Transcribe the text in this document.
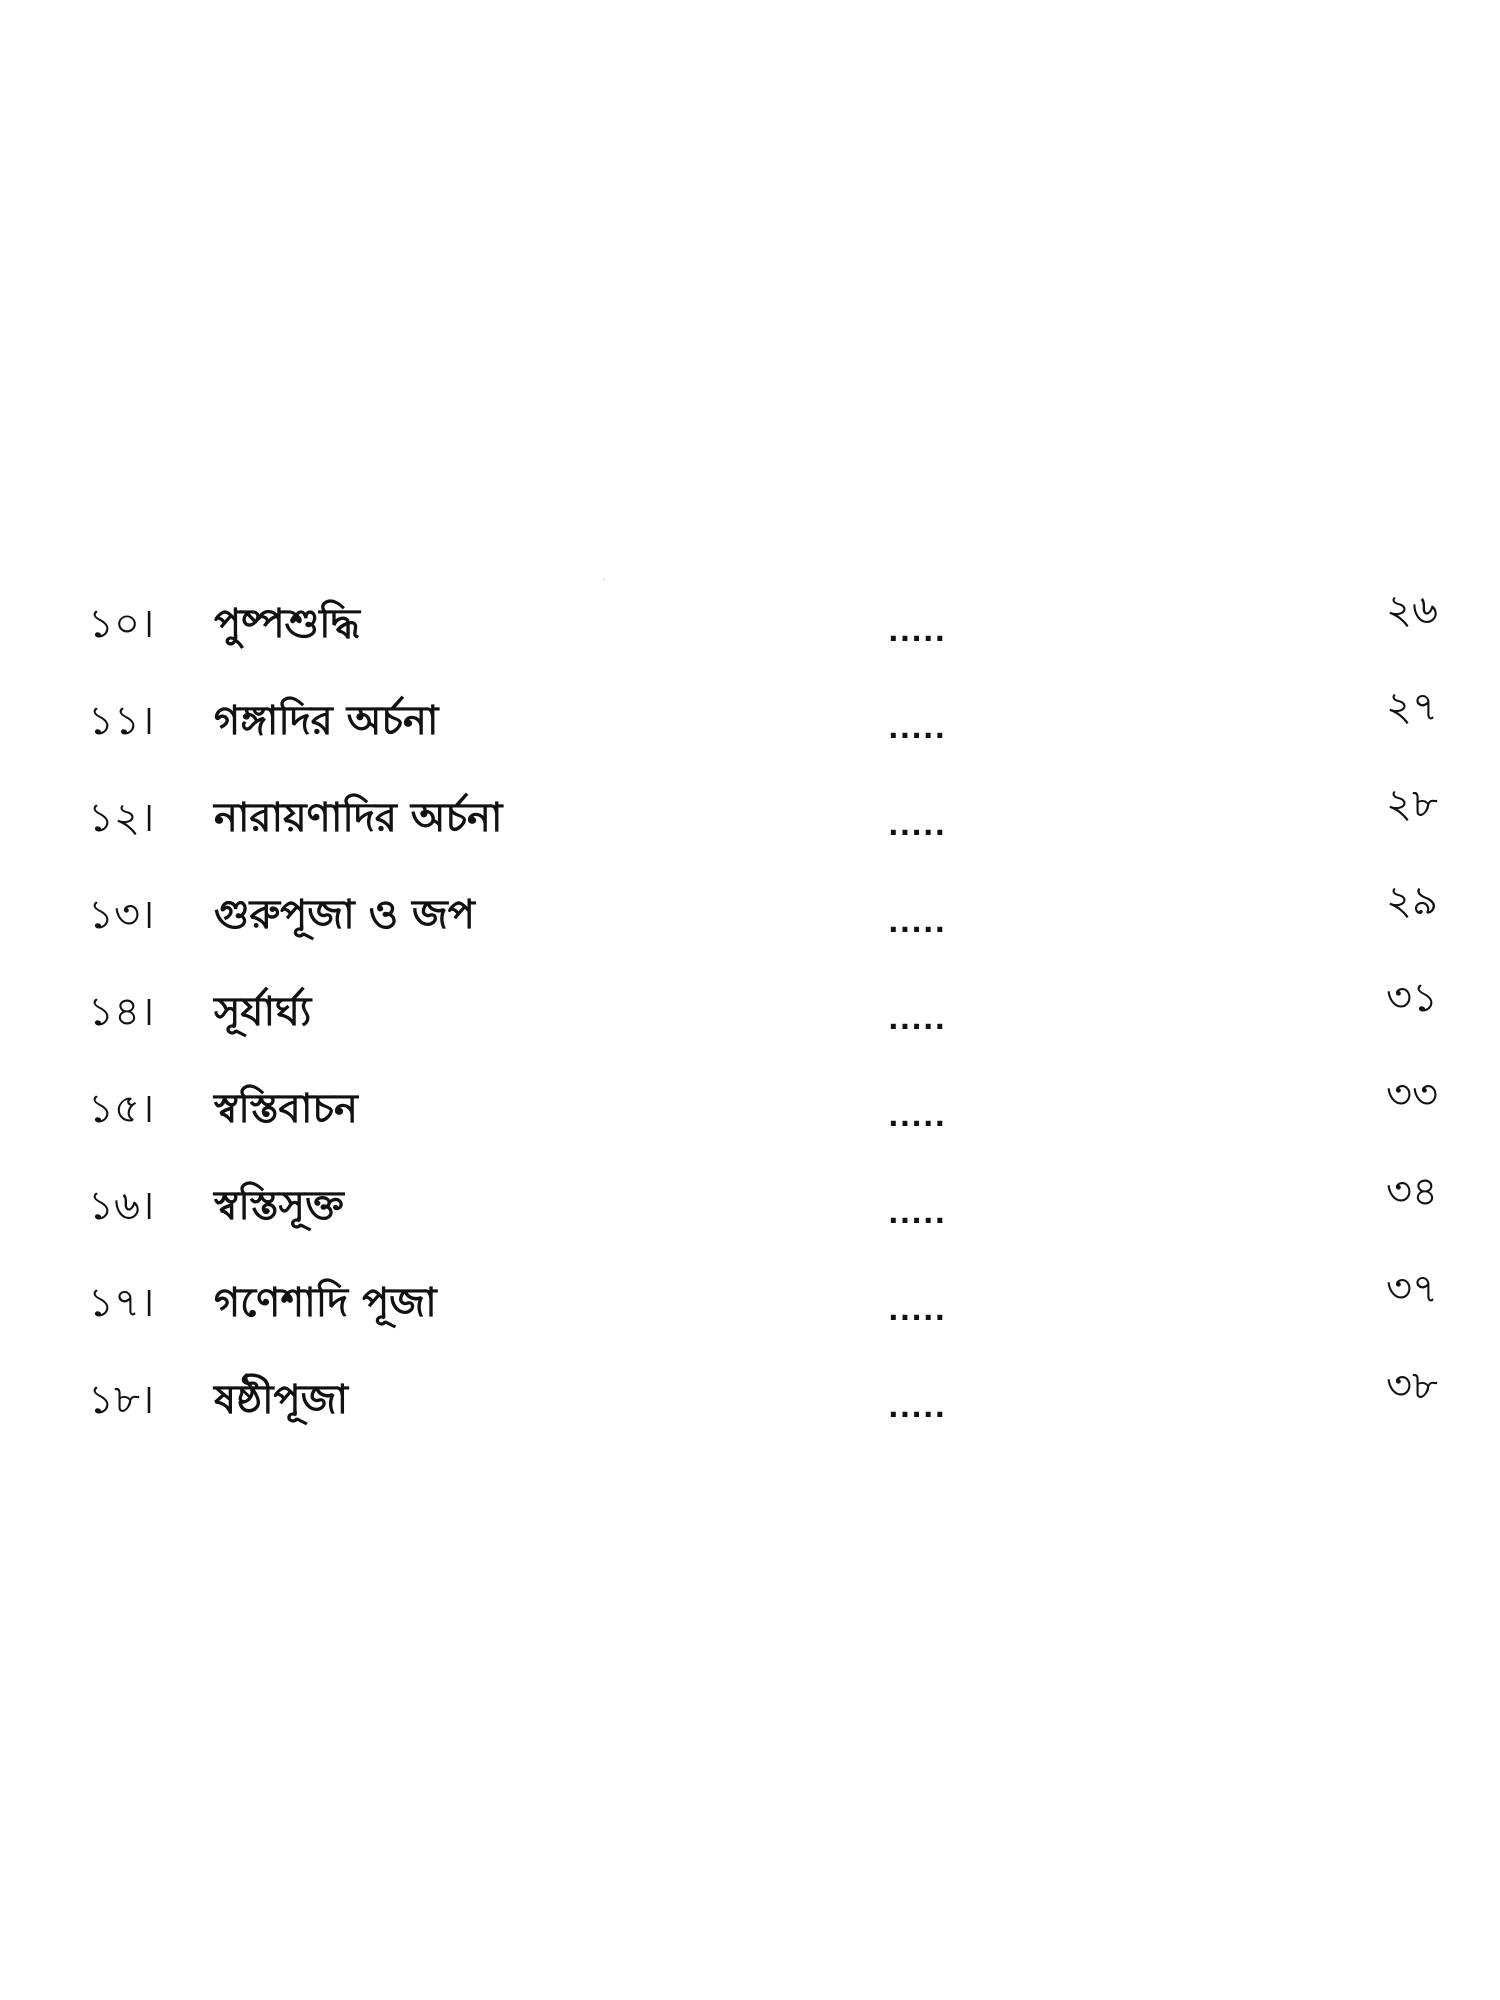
১০। পুষ্পশুদ্ধি	.....	২৬
১১। গঙ্গাদির অর্চনা	.....	২৭
১২। নারায়ণাদির অর্চনা	.....	২৮
১৩। গুরুপূজা ও জপ	.....	২৯
১৪। সূর্যার্ঘ্য	.....	৩১
১৫। স্বস্তিবাচন	.....	৩৩
১৬। স্বস্তিসূক্ত	.....	৩৪
১৭। গণেশাদি পূজা	.....	৩৭
১৮। ষষ্ঠীপূজা	.....	৩৮
